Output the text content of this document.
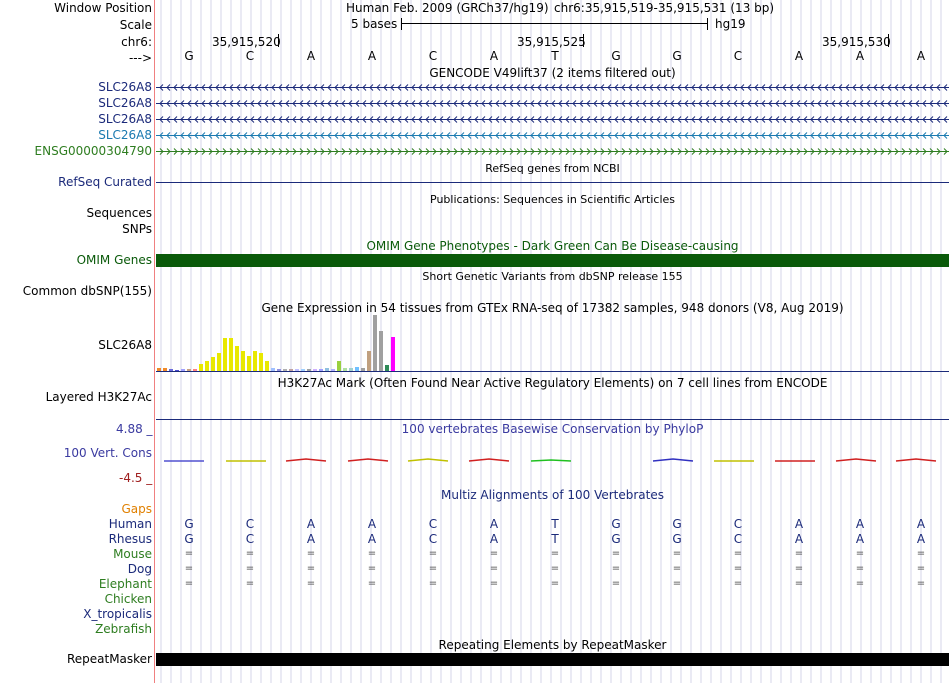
Window Position	Human Feb. 2009 (GRCh37/hg19) chr6:35,915,519-35,915,531 (13 bp)
Scale	5 bases	hg19
chr6:	35,915,520	35,915,525	35,915,530
--->	G	C	A	A	C	A	T	G	G	C	A	A	A
GENCODE V49lift37 (2 items filtered out)
SLC26A8
SLC26A8
SLC26A8
SLC26A8
ENSG00000304790
RefSeq genes from NCBI
RefSeq Curated
Publications: Sequences in Scientific Articles
Sequences
SNPs
OMIM Gene Phenotypes - Dark Green Can Be Disease-causing
OMIM Genes
Short Genetic Variants from dbSNP release 155
Common dbSNP(155)
Gene Expression in 54 tissues from GTEx RNA-seq of 17382 samples, 948 donors (V8, Aug 2019)
SLC26A8
H3K27Ac Mark (Often Found Near Active Regulatory Elements) on 7 cell lines from ENCODE
Layered H3K27Ac
100 vertebrates Basewise Conservation by PhyloP
4.88 _
100 Vert. Cons
-4.5 _
Multiz Alignments of 100 Vertebrates
Gaps
Human	G	C	A	A	C	A	T	G	G	C	A	A	A
Rhesus	G	C	A	A	C	A	T	G	G	C	A	A	A
Mouse	=	=	=	=	=	=	=	=	=	=	=	=	=
Dog	=	=	=	=	=	=	=	=	=	=	=	=	=
Elephant	=	=	=	=	=	=	=	=	=	=	=	=	=
Chicken
X_tropicalis
Zebrafish
Repeating Elements by RepeatMasker
RepeatMasker
